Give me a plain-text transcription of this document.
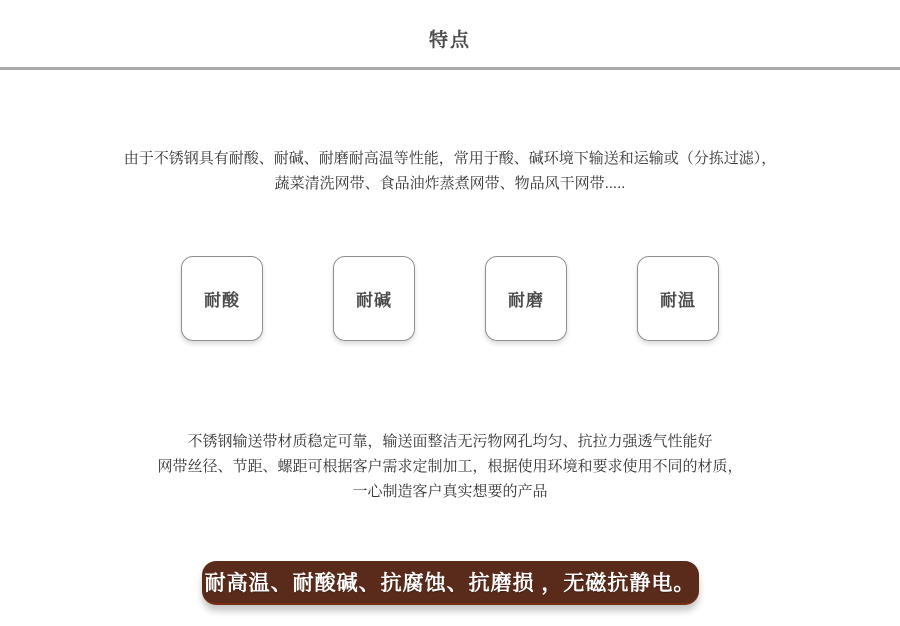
特点
由于不锈钢具有耐酸、耐碱、耐磨耐高温等性能，常用于酸、碱环境下输送和运输或（分拣过滤），
蔬菜清洗网带、食品油炸蒸煮网带、物品风干网带.....
耐酸	耐碱	耐磨	耐温
不锈钢输送带材质稳定可靠，输送面整洁无污物网孔均匀、抗拉力强透气性能好
网带丝径、节距、螺距可根据客户需求定制加工，根据使用环境和要求使用不同的材质，
一心制造客户真实想要的产品
耐高温、耐酸碱、抗腐蚀、抗磨损 ，无磁抗静电。
